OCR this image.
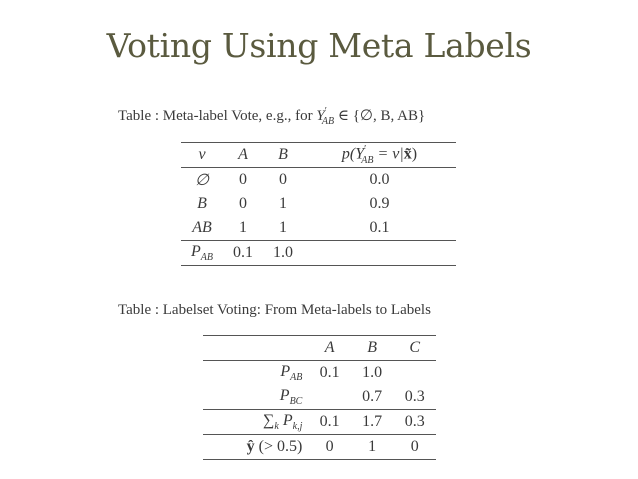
Voting Using Meta Labels
Table : Meta-label Vote, e.g., for $Y'_{AB}$ ∈ {∅, B, AB}
v	A	B	$p(Y'_{AB}$ = v|x̃)
∅	0	0	0.0
B	0	1	0.9
AB	1	1	0.1
$P_{AB}$	0.1	1.0	
Table : Labelset Voting: From Meta-labels to Labels
	A	B	C
$P_{AB}$	0.1	1.0	
$P_{BC}$		0.7	0.3
$\sum_k$ $P_{k,j}$	0.1	1.7	0.3
ŷ (> 0.5)	0	1	0
